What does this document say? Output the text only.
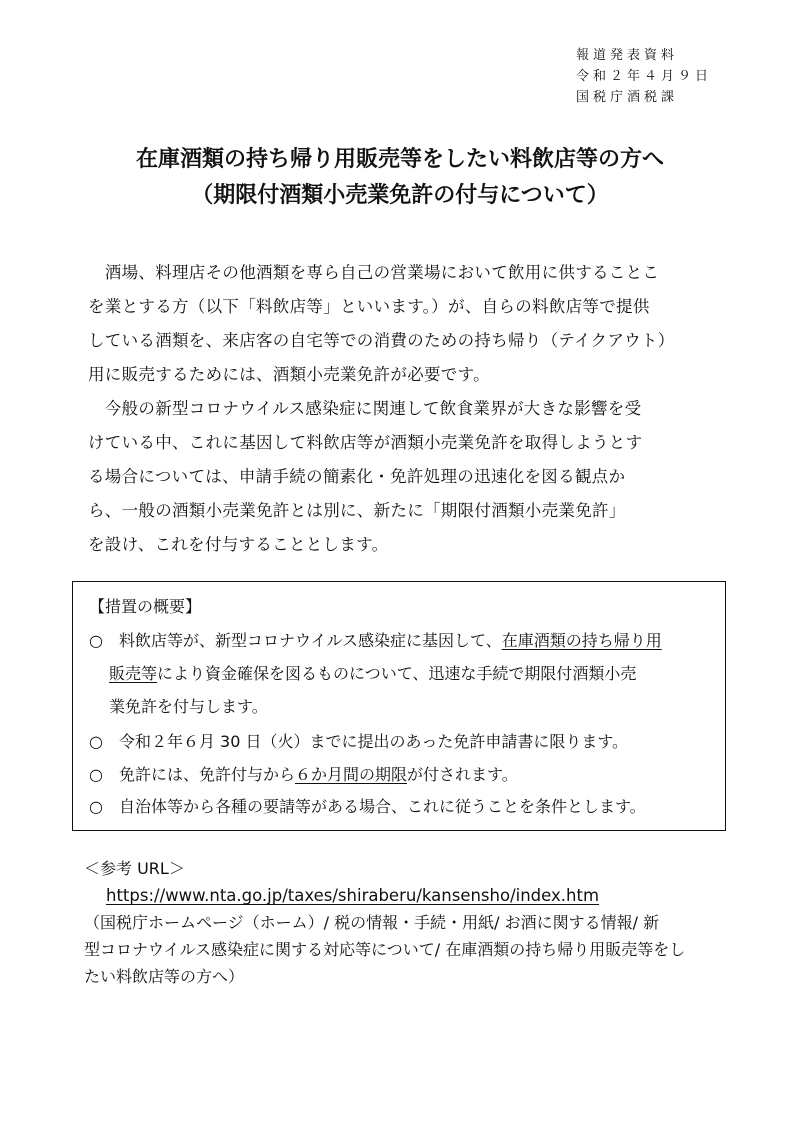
報道発表資料
令和２年４月９日
国税庁酒税課
在庫酒類の持ち帰り用販売等をしたい料飲店等の方へ
（期限付酒類小売業免許の付与について）
　酒場、料理店その他酒類を専ら自己の営業場において飲用に供することこ
を業とする方（以下「料飲店等」といいます。）が、自らの料飲店等で提供
している酒類を、来店客の自宅等での消費のための持ち帰り（テイクアウト）
用に販売するためには、酒類小売業免許が必要です。
　今般の新型コロナウイルス感染症に関連して飲食業界が大きな影響を受
けている中、これに基因して料飲店等が酒類小売業免許を取得しようとす
る場合については、申請手続の簡素化・免許処理の迅速化を図る観点か
ら、一般の酒類小売業免許とは別に、新たに「期限付酒類小売業免許」
を設け、これを付与することとします。
【措置の概要】
○　料飲店等が、新型コロナウイルス感染症に基因して、在庫酒類の持ち帰り用
販売等により資金確保を図るものについて、迅速な手続で期限付酒類小売
業免許を付与します。
○　令和２年６月 30 日（火）までに提出のあった免許申請書に限ります。
○　免許には、免許付与から６か月間の期限が付されます。
○　自治体等から各種の要請等がある場合、これに従うことを条件とします。
＜参考 URL＞
https://www.nta.go.jp/taxes/shiraberu/kansensho/index.htm
（国税庁ホームページ（ホーム）/ 税の情報・手続・用紙/ お酒に関する情報/ 新
型コロナウイルス感染症に関する対応等について/ 在庫酒類の持ち帰り用販売等をし
たい料飲店等の方へ）
